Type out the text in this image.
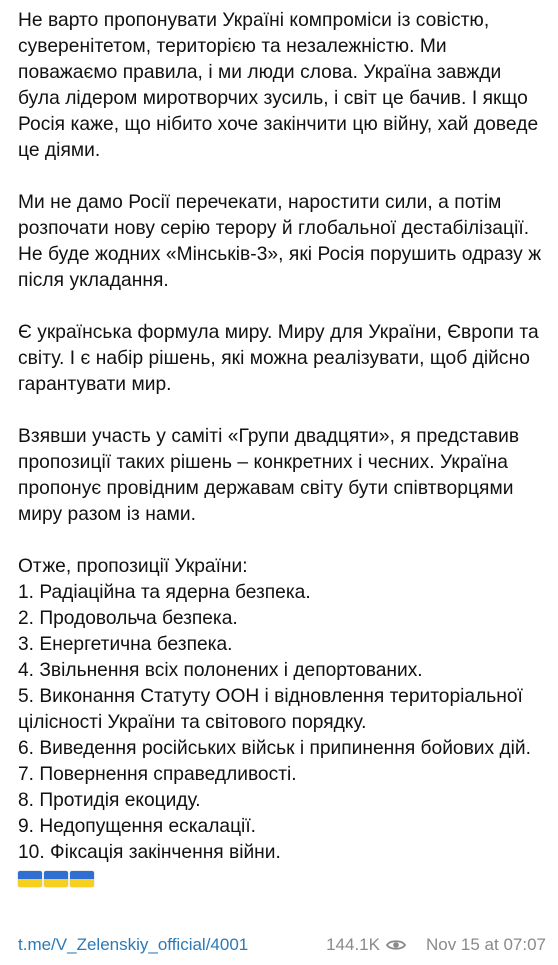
Не варто пропонувати Україні компроміси із совістю, суверенітетом, територією та незалежністю. Ми поважаємо правила, і ми люди слова. Україна завжди була лідером миротворчих зусиль, і світ це бачив. І якщо Росія каже, що нібито хоче закінчити цю війну, хай доведе це діями.

Ми не дамо Росії перечекати, наростити сили, а потім розпочати нову серію терору й глобальної дестабілізації. Не буде жодних «Мінськів-3», які Росія порушить одразу ж після укладання.

Є українська формула миру. Миру для України, Європи та світу. І є набір рішень, які можна реалізувати, щоб дійсно гарантувати мир.

Взявши участь у саміті «Групи двадцяти», я представив пропозиції таких рішень – конкретних і чесних. Україна пропонує провідним державам світу бути співтворцями миру разом із нами.

Отже, пропозиції України:

1. Радіаційна та ядерна безпека.
2. Продовольча безпека.
3. Енергетична безпека.
4. Звільнення всіх полонених і депортованих.
5. Виконання Статуту ООН і відновлення територіальної цілісності України та світового порядку.
6. Виведення російських військ і припинення бойових дій.
7. Повернення справедливості.
8. Протидія екоциду.
9. Недопущення ескалації.
10. Фіксація закінчення війни.
t.me/V_Zelenskiy_official/4001	144.1K	Nov 15 at 07:07
